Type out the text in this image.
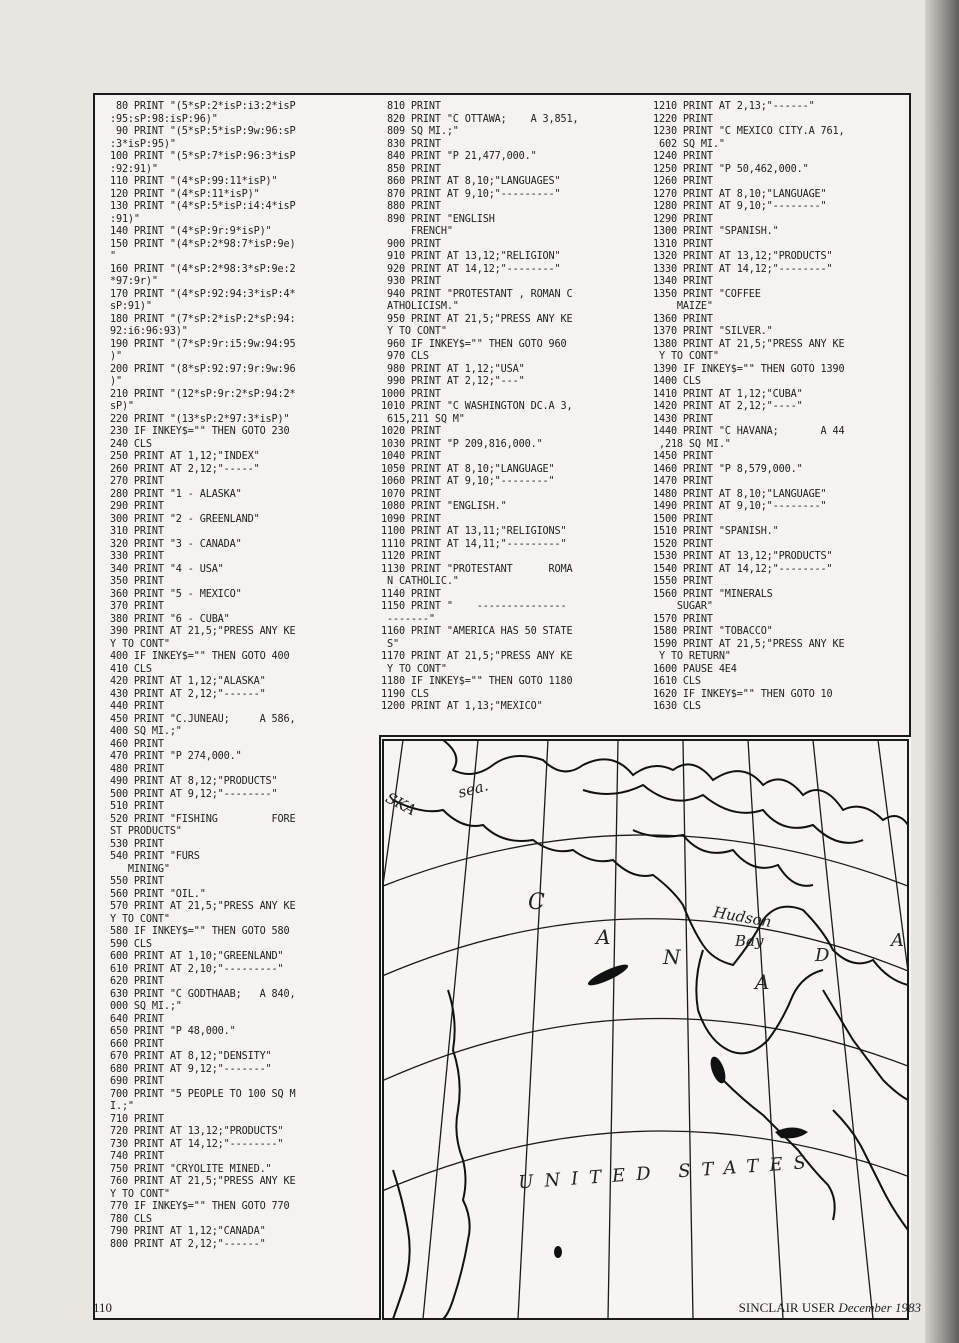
80 PRINT "(5*sP:2*isP:i3:2*isP
:95:sP:98:isP:96)"
90 PRINT "(5*sP:5*isP:9w:96:sP
:3*isP:95)"
100 PRINT "(5*sP:7*isP:96:3*isP
:92:91)"
110 PRINT "(4*sP:99:11*isP)"
120 PRINT "(4*sP:11*isP)"
130 PRINT "(4*sP:5*isP:i4:4*isP
:91)"
140 PRINT "(4*sP:9r:9*isP)"
150 PRINT "(4*sP:2*98:7*isP:9e)
"
160 PRINT "(4*sP:2*98:3*sP:9e:2
*97:9r)"
170 PRINT "(4*sP:92:94:3*isP:4*
sP:91)"
180 PRINT "(7*sP:2*isP:2*sP:94:
92:i6:96:93)"
190 PRINT "(7*sP:9r:i5:9w:94:95
)"
200 PRINT "(8*sP:92:97:9r:9w:96
)"
210 PRINT "(12*sP:9r:2*sP:94:2*
sP)"
220 PRINT "(13*sP:2*97:3*isP)"
230 IF INKEY$="" THEN GOTO 230
240 CLS
250 PRINT AT 1,12;"INDEX"
260 PRINT AT 2,12;"-----"
270 PRINT
280 PRINT "1 - ALASKA"
290 PRINT
300 PRINT "2 - GREENLAND"
310 PRINT
320 PRINT "3 - CANADA"
330 PRINT
340 PRINT "4 - USA"
350 PRINT
360 PRINT "5 - MEXICO"
370 PRINT
380 PRINT "6 - CUBA"
390 PRINT AT 21,5;"PRESS ANY KE
Y TO CONT"
400 IF INKEY$="" THEN GOTO 400
410 CLS
420 PRINT AT 1,12;"ALASKA"
430 PRINT AT 2,12;"------"
440 PRINT
450 PRINT "C.JUNEAU;     A 586,
400 SQ MI.;"
460 PRINT
470 PRINT "P 274,000."
480 PRINT
490 PRINT AT 8,12;"PRODUCTS"
500 PRINT AT 9,12;"--------"
510 PRINT
520 PRINT "FISHING         FORE
ST PRODUCTS"
530 PRINT
540 PRINT "FURS
MINING"
550 PRINT
560 PRINT "OIL."
570 PRINT AT 21,5;"PRESS ANY KE
Y TO CONT"
580 IF INKEY$="" THEN GOTO 580
590 CLS
600 PRINT AT 1,10;"GREENLAND"
610 PRINT AT 2,10;"---------"
620 PRINT
630 PRINT "C GODTHAAB;   A 840,
000 SQ MI.;"
640 PRINT
650 PRINT "P 48,000."
660 PRINT
670 PRINT AT 8,12;"DENSITY"
680 PRINT AT 9,12;"-------"
690 PRINT
700 PRINT "5 PEOPLE TO 100 SQ M
I.;"
710 PRINT
720 PRINT AT 13,12;"PRODUCTS"
730 PRINT AT 14,12;"--------"
740 PRINT
750 PRINT "CRYOLITE MINED."
760 PRINT AT 21,5;"PRESS ANY KE
Y TO CONT"
770 IF INKEY$="" THEN GOTO 770
780 CLS
790 PRINT AT 1,12;"CANADA"
800 PRINT AT 2,12;"------"

810 PRINT
820 PRINT "C OTTAWA;    A 3,851,
809 SQ MI.;"
830 PRINT
840 PRINT "P 21,477,000."
850 PRINT
860 PRINT AT 8,10;"LANGUAGES"
870 PRINT AT 9,10;"---------"
880 PRINT
890 PRINT "ENGLISH
FRENCH"
900 PRINT
910 PRINT AT 13,12;"RELIGION"
920 PRINT AT 14,12;"--------"
930 PRINT
940 PRINT "PROTESTANT , ROMAN C
ATHOLICISM."
950 PRINT AT 21,5;"PRESS ANY KE
Y TO CONT"
960 IF INKEY$="" THEN GOTO 960
970 CLS
980 PRINT AT 1,12;"USA"
990 PRINT AT 2,12;"---"
1000 PRINT
1010 PRINT "C WASHINGTON DC.A 3,
615,211 SQ M"
1020 PRINT
1030 PRINT "P 209,816,000."
1040 PRINT
1050 PRINT AT 8,10;"LANGUAGE"
1060 PRINT AT 9,10;"--------"
1070 PRINT
1080 PRINT "ENGLISH."
1090 PRINT
1100 PRINT AT 13,11;"RELIGIONS"
1110 PRINT AT 14,11;"---------"
1120 PRINT
1130 PRINT "PROTESTANT      ROMA
N CATHOLIC."
1140 PRINT
1150 PRINT "    ---------------
-------"
1160 PRINT "AMERICA HAS 50 STATE
S"
1170 PRINT AT 21,5;"PRESS ANY KE
Y TO CONT"
1180 IF INKEY$="" THEN GOTO 1180
1190 CLS
1200 PRINT AT 1,13;"MEXICO"

1210 PRINT AT 2,13;"------"
1220 PRINT
1230 PRINT "C MEXICO CITY.A 761,
602 SQ MI."
1240 PRINT
1250 PRINT "P 50,462,000."
1260 PRINT
1270 PRINT AT 8,10;"LANGUAGE"
1280 PRINT AT 9,10;"--------"
1290 PRINT
1300 PRINT "SPANISH."
1310 PRINT
1320 PRINT AT 13,12;"PRODUCTS"
1330 PRINT AT 14,12;"--------"
1340 PRINT
1350 PRINT "COFFEE
MAIZE"
1360 PRINT
1370 PRINT "SILVER."
1380 PRINT AT 21,5;"PRESS ANY KE
Y TO CONT"
1390 IF INKEY$="" THEN GOTO 1390
1400 CLS
1410 PRINT AT 1,12;"CUBA"
1420 PRINT AT 2,12;"----"
1430 PRINT
1440 PRINT "C HAVANA;       A 44
,218 SQ MI."
1450 PRINT
1460 PRINT "P 8,579,000."
1470 PRINT
1480 PRINT AT 8,10;"LANGUAGE"
1490 PRINT AT 9,10;"--------"
1500 PRINT
1510 PRINT "SPANISH."
1520 PRINT
1530 PRINT AT 13,12;"PRODUCTS"
1540 PRINT AT 14,12;"--------"
1550 PRINT
1560 PRINT "MINERALS
SUGAR"
1570 PRINT
1580 PRINT "TOBACCO"
1590 PRINT AT 21,5;"PRESS ANY KE
Y TO RETURN"
1600 PAUSE 4E4
1610 CLS
1620 IF INKEY$="" THEN GOTO 10
1630 CLS

sea.
SKA
C
A
N
A
D
A
Hudson
Bay
UNITED STATES
110	SINCLAIR USER December 1983
